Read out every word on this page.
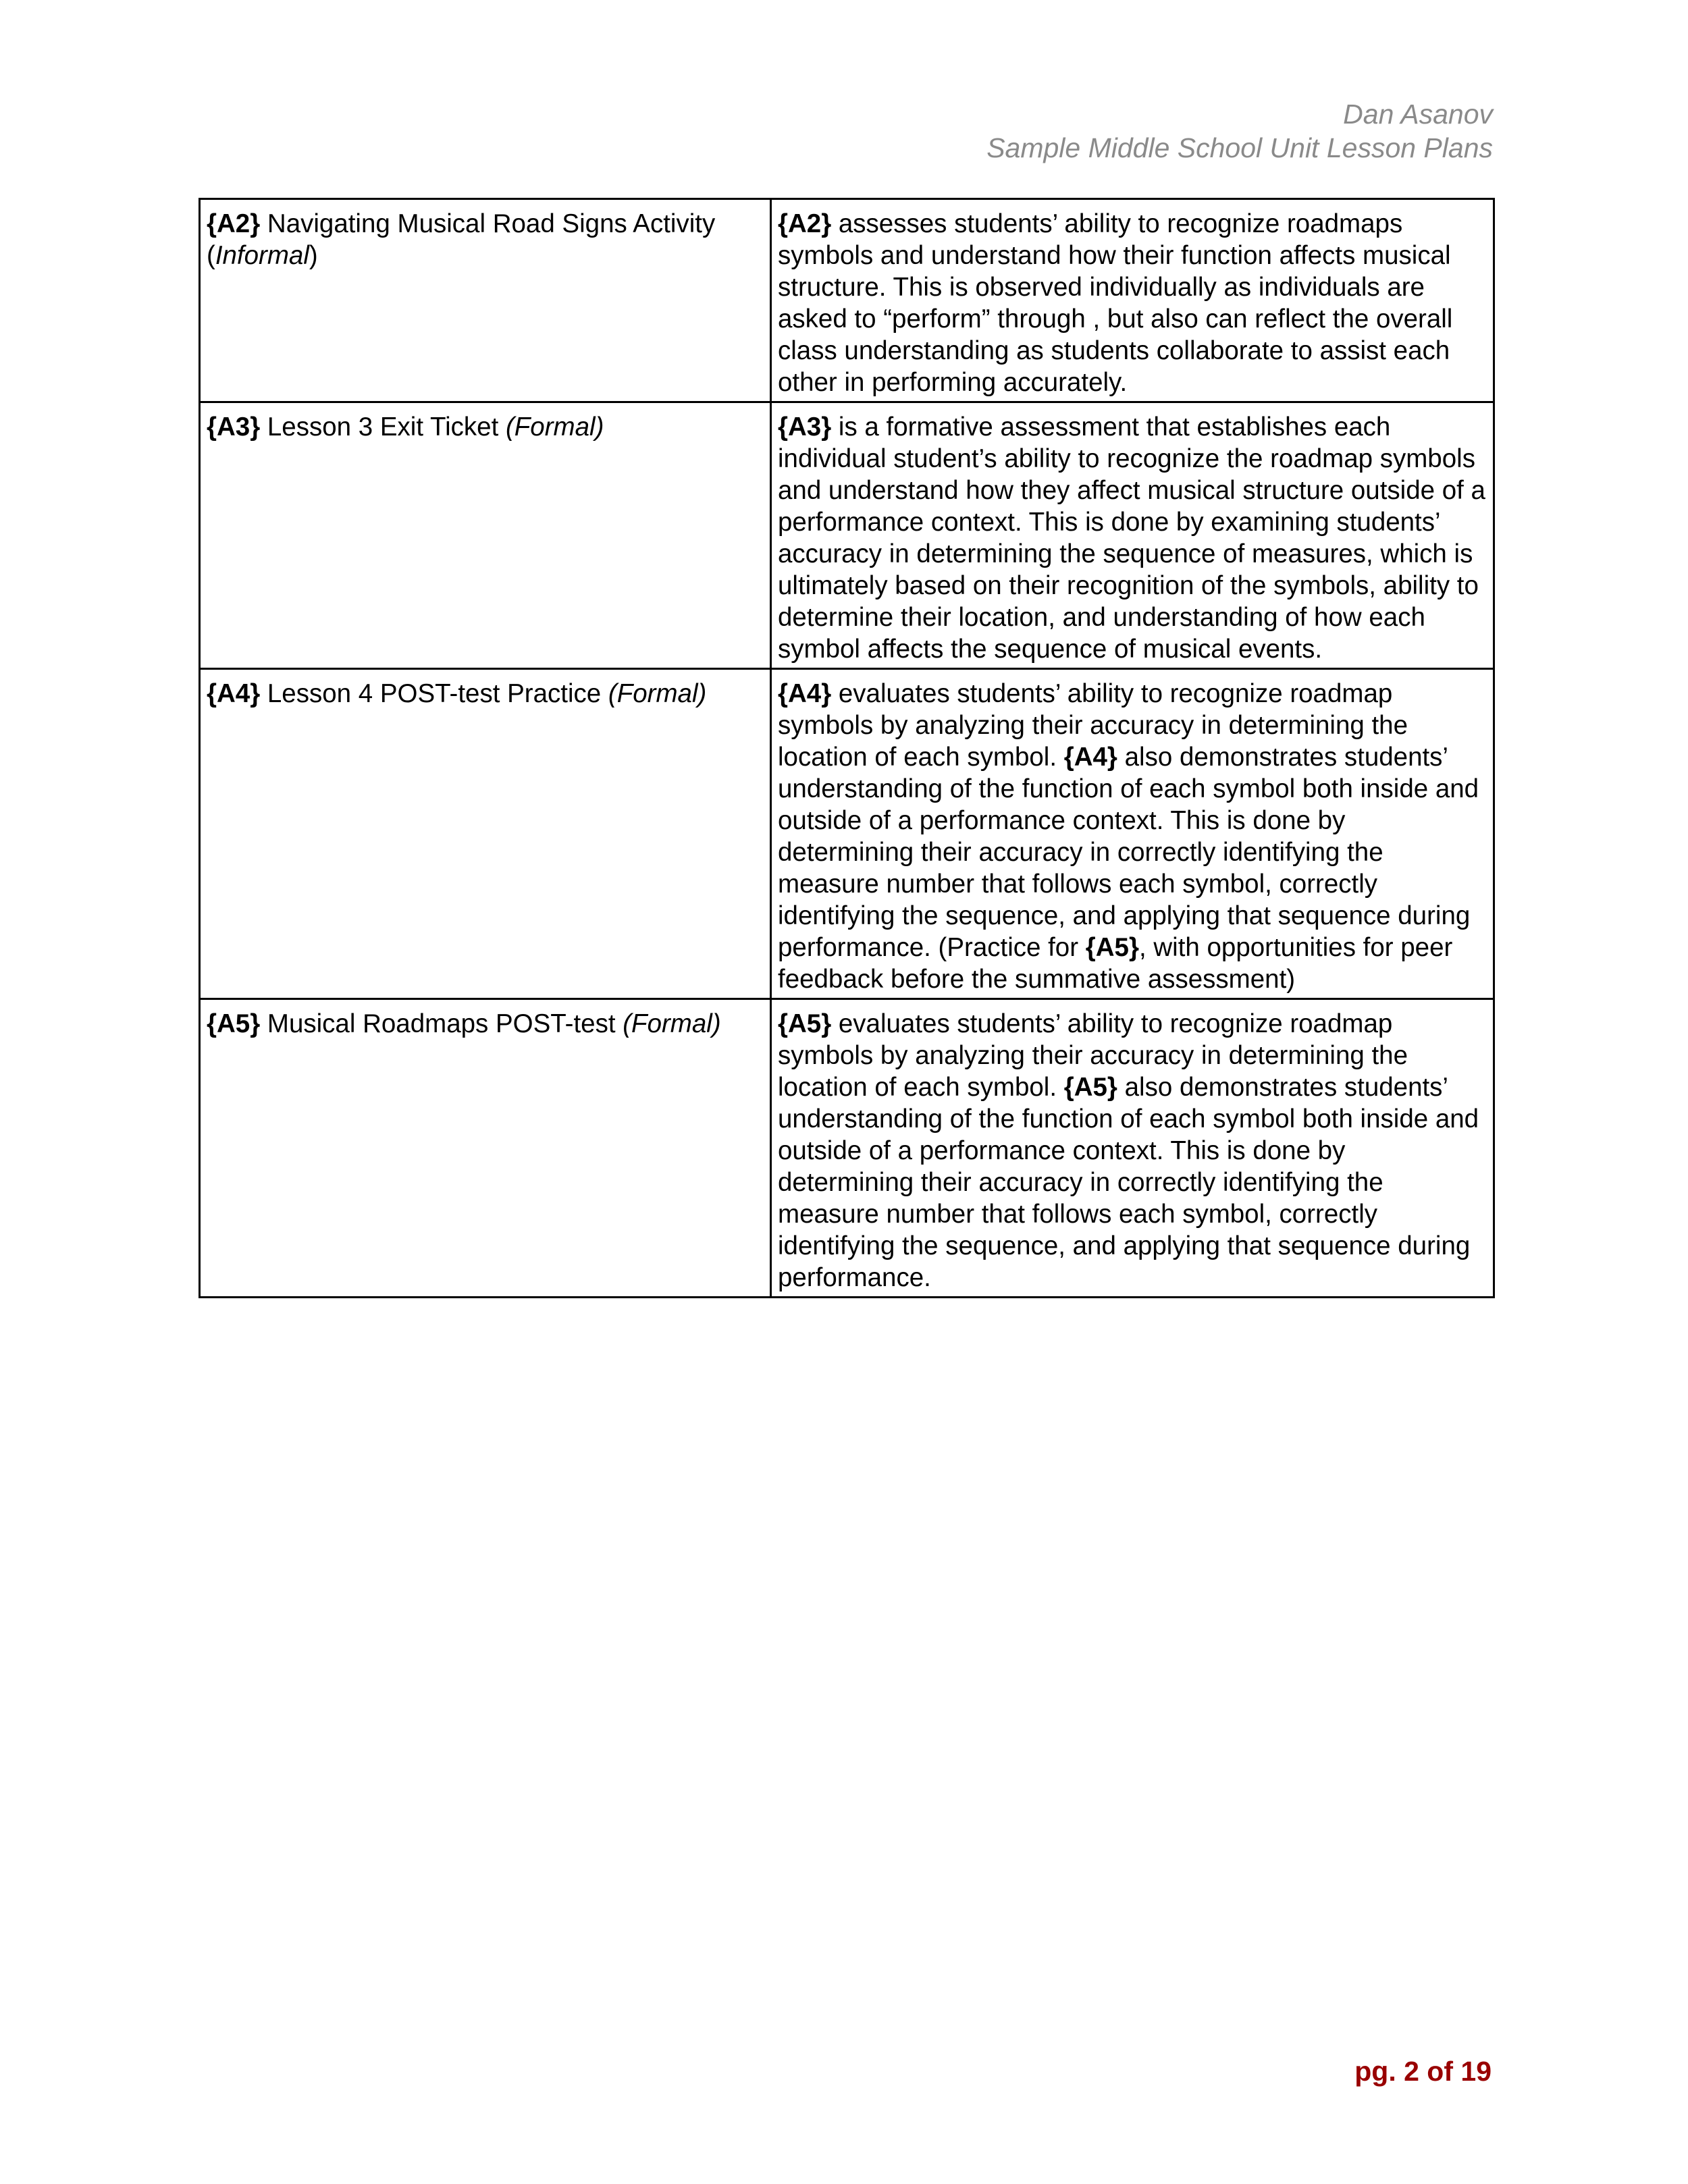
Dan Asanov
Sample Middle School Unit Lesson Plans
{A2} Navigating Musical Road Signs Activity (Informal)	{A2} assesses students’ ability to recognize roadmaps symbols and understand how their function affects musical structure. This is observed individually as individuals are asked to “perform” through , but also can reflect the overall class understanding as students collaborate to assist each other in performing accurately.
{A3} Lesson 3 Exit Ticket (Formal)	{A3} is a formative assessment that establishes each individual student’s ability to recognize the roadmap symbols and understand how they affect musical structure outside of a performance context. This is done by examining students’ accuracy in determining the sequence of measures, which is ultimately based on their recognition of the symbols, ability to determine their location, and understanding of how each symbol affects the sequence of musical events.
{A4} Lesson 4 POST-test Practice (Formal)	{A4} evaluates students’ ability to recognize roadmap symbols by analyzing their accuracy in determining the location of each symbol. {A4} also demonstrates students’ understanding of the function of each symbol both inside and outside of a performance context. This is done by determining their accuracy in correctly identifying the measure number that follows each symbol, correctly identifying the sequence, and applying that sequence during performance. (Practice for {A5}, with opportunities for peer feedback before the summative assessment)
{A5} Musical Roadmaps POST-test (Formal)	{A5} evaluates students’ ability to recognize roadmap symbols by analyzing their accuracy in determining the location of each symbol. {A5} also demonstrates students’ understanding of the function of each symbol both inside and outside of a performance context. This is done by determining their accuracy in correctly identifying the measure number that follows each symbol, correctly identifying the sequence, and applying that sequence during performance.
pg. 2 of 19
